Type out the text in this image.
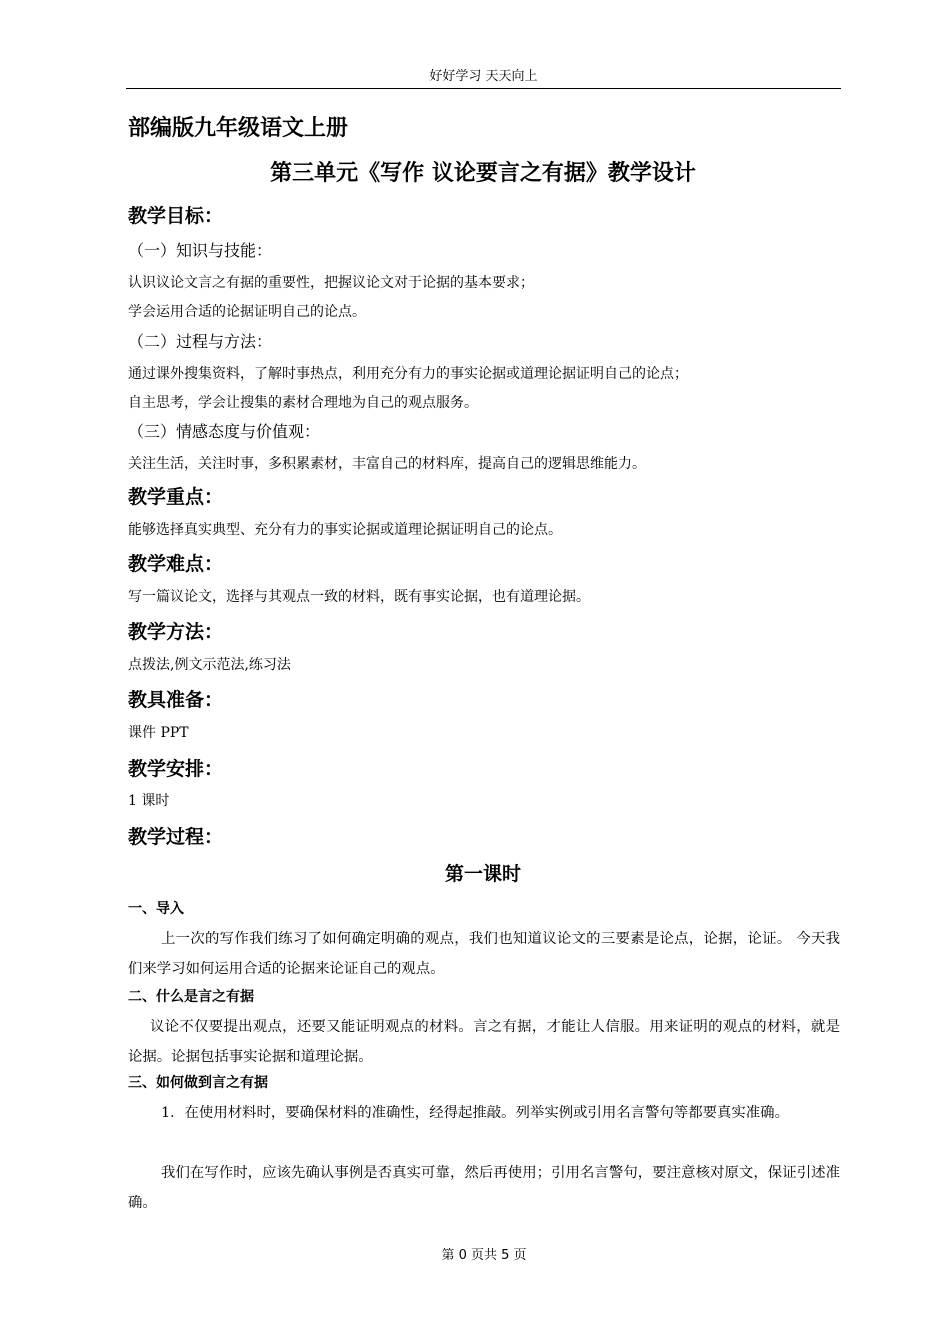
好好学习 天天向上
部编版九年级语文上册
第三单元《写作 议论要言之有据》教学设计
教学目标：
（一）知识与技能：
认识议论文言之有据的重要性，把握议论文对于论据的基本要求；
学会运用合适的论据证明自己的论点。
（二）过程与方法：
通过课外搜集资料，了解时事热点，利用充分有力的事实论据或道理论据证明自己的论点；
自主思考，学会让搜集的素材合理地为自己的观点服务。
（三）情感态度与价值观：
关注生活，关注时事，多积累素材，丰富自己的材料库，提高自己的逻辑思维能力。
教学重点：
能够选择真实典型、充分有力的事实论据或道理论据证明自己的论点。
教学难点：
写一篇议论文，选择与其观点一致的材料，既有事实论据，也有道理论据。
教学方法：
点拨法,例文示范法,练习法
教具准备：
课件 PPT
教学安排：
1 课时
教学过程：
第一课时
一、导入
上一次的写作我们练习了如何确定明确的观点，我们也知道议论文的三要素是论点，论据，论证。 今天我们来学习如何运用合适的论据来论证自己的观点。
二、什么是言之有据
议论不仅要提出观点，还要又能证明观点的材料。言之有据，才能让人信服。用来证明的观点的材料，就是论据。论据包括事实论据和道理论据。
三、如何做到言之有据
1．在使用材料时，要确保材料的准确性，经得起推敲。列举实例或引用名言警句等都要真实准确。
我们在写作时，应该先确认事例是否真实可靠，然后再使用；引用名言警句，要注意核对原文，保证引述准确。
第 0 页共 5 页
